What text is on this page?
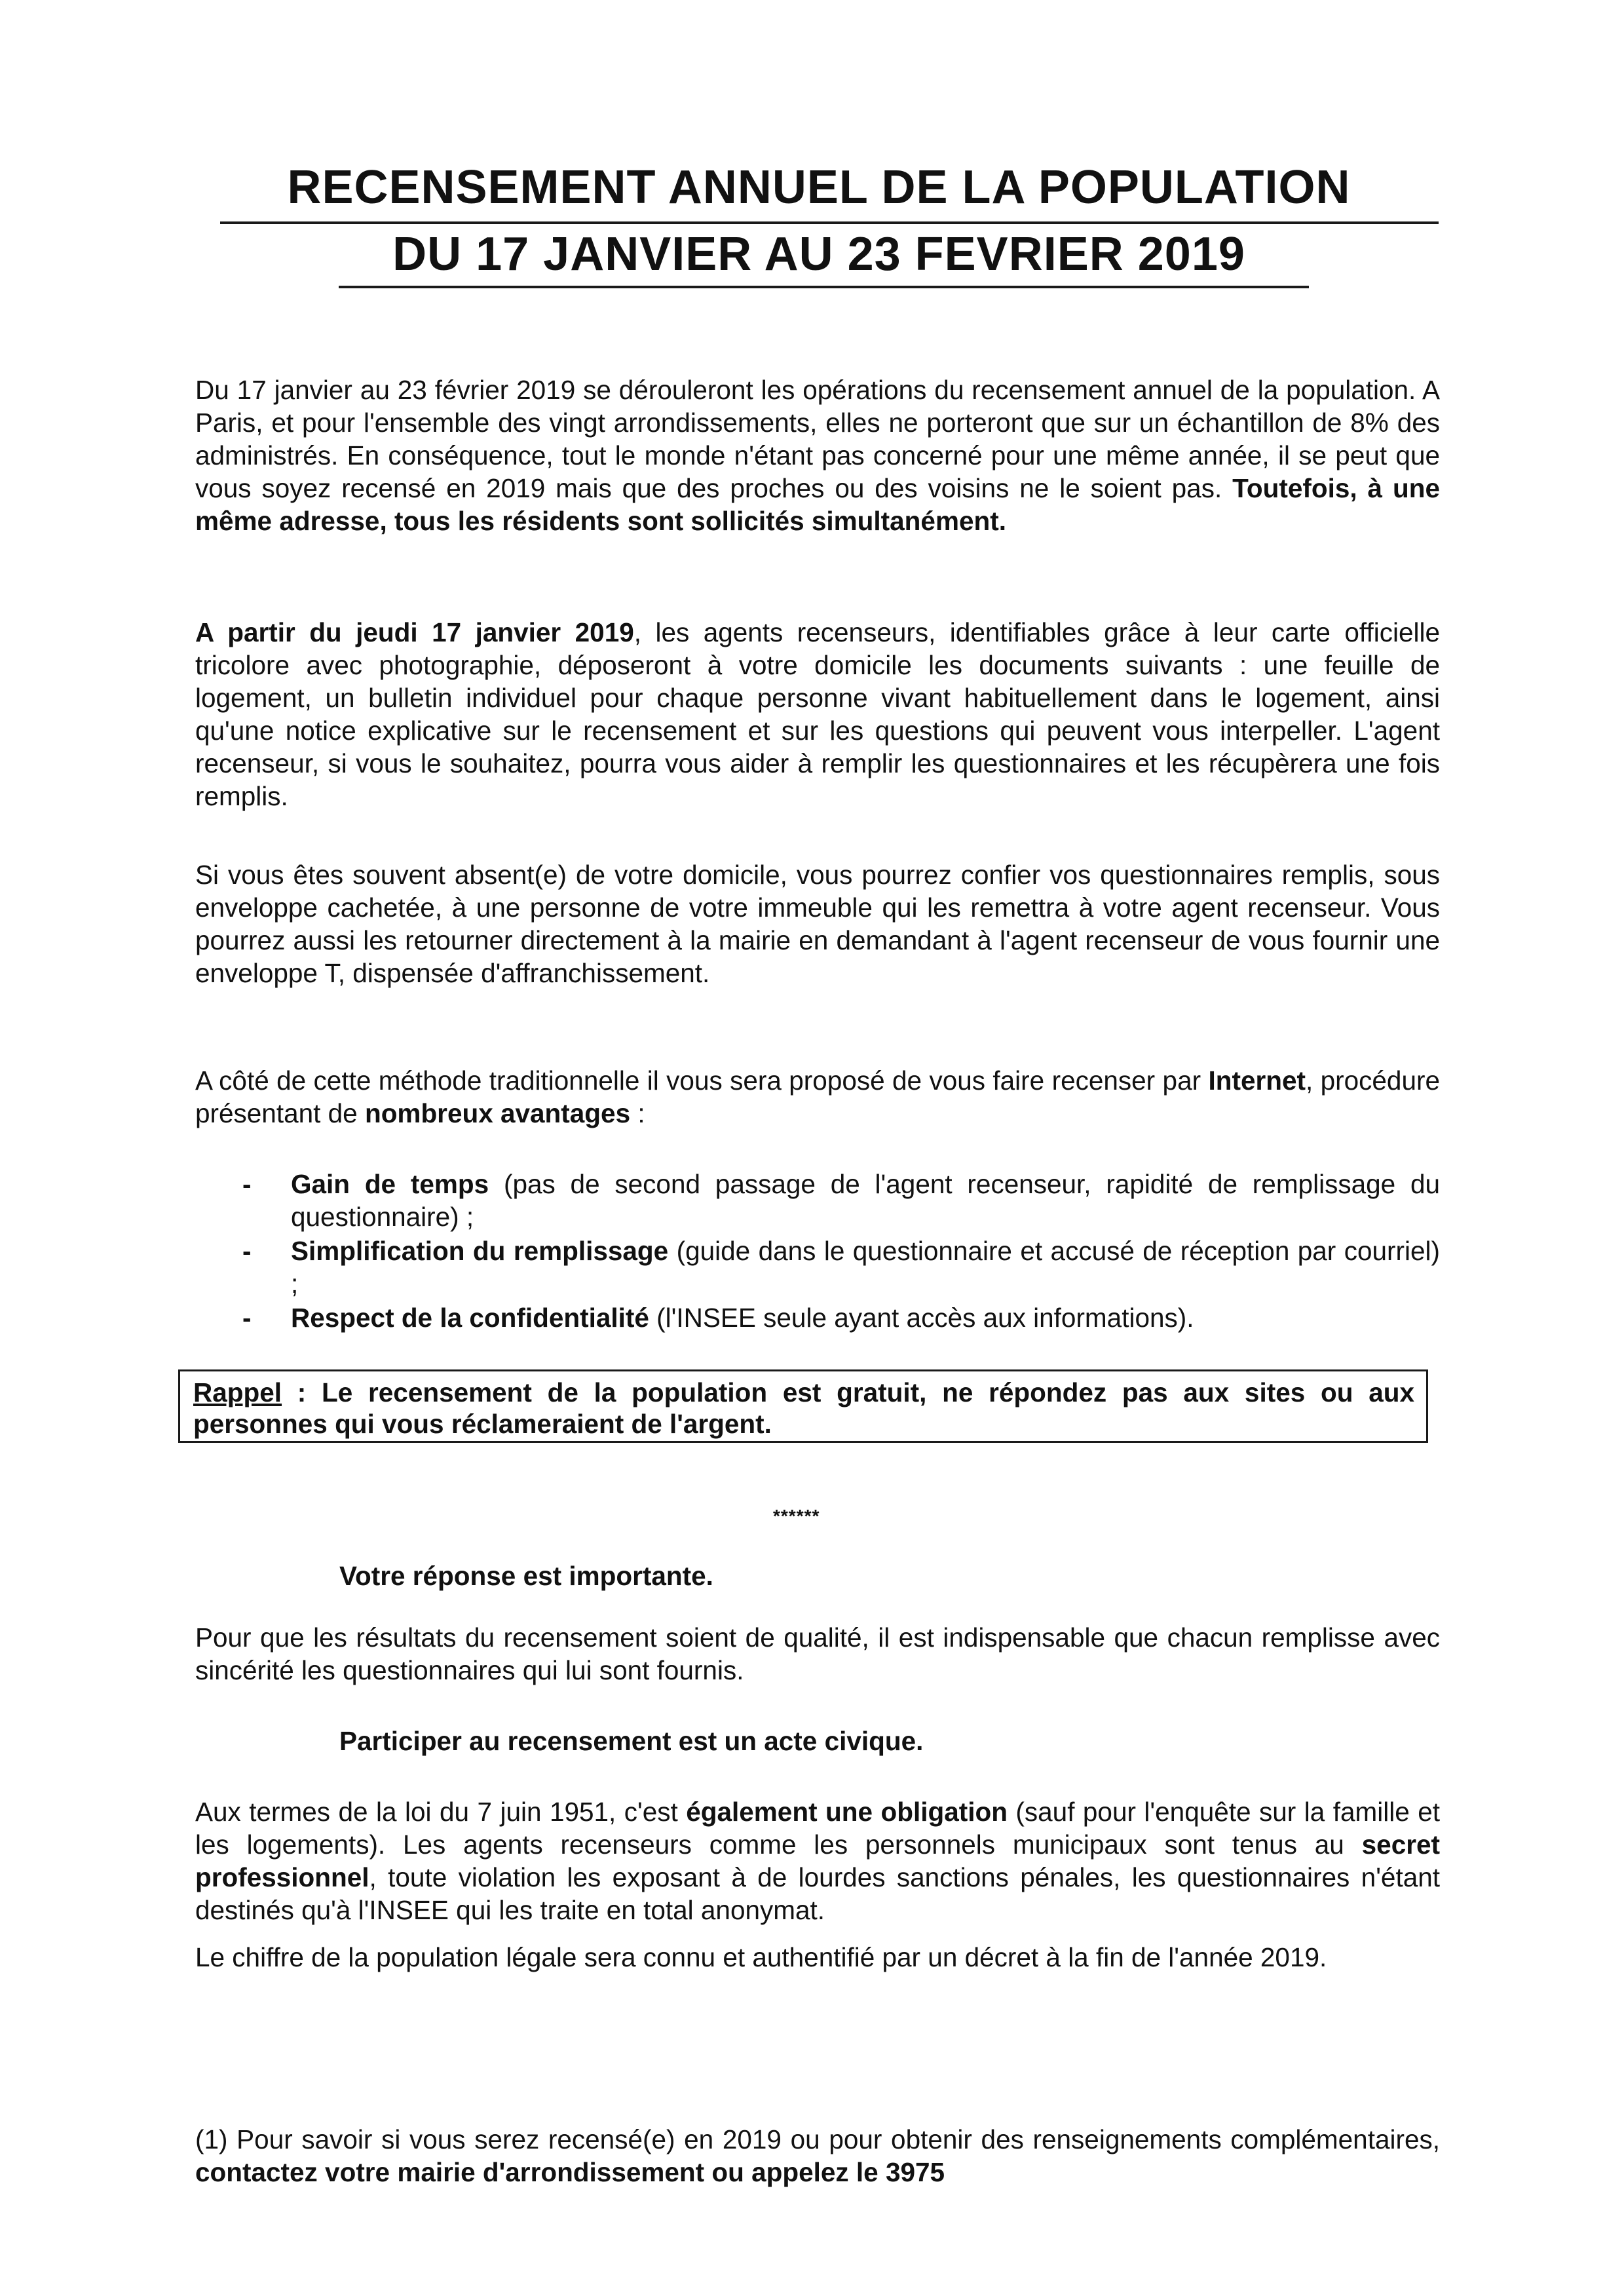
RECENSEMENT ANNUEL DE LA POPULATION
DU 17 JANVIER AU 23 FEVRIER 2019

Du 17 janvier au 23 février 2019 se dérouleront les opérations du recensement annuel de la population. A Paris, et pour l'ensemble des vingt arrondissements, elles ne porteront que sur un échantillon de 8% des administrés. En conséquence, tout le monde n'étant pas concerné pour une même année, il se peut que vous soyez recensé en 2019 mais que des proches ou des voisins ne le soient pas. Toutefois, à une même adresse, tous les résidents sont sollicités simultanément.

A partir du jeudi 17 janvier 2019, les agents recenseurs, identifiables grâce à leur carte officielle tricolore avec photographie, déposeront à votre domicile les documents suivants : une feuille de logement, un bulletin individuel pour chaque personne vivant habituellement dans le logement, ainsi qu'une notice explicative sur le recensement et sur les questions qui peuvent vous interpeller. L'agent recenseur, si vous le souhaitez, pourra vous aider à remplir les questionnaires et les récupèrera une fois remplis.

Si vous êtes souvent absent(e) de votre domicile, vous pourrez confier vos questionnaires remplis, sous enveloppe cachetée, à une personne de votre immeuble qui les remettra à votre agent recenseur. Vous pourrez aussi les retourner directement à la mairie en demandant à l'agent recenseur de vous fournir une enveloppe T, dispensée d'affranchissement.

A côté de cette méthode traditionnelle il vous sera proposé de vous faire recenser par Internet, procédure présentant de nombreux avantages :

- Gain de temps (pas de second passage de l'agent recenseur, rapidité de remplissage du questionnaire) ;
- Simplification du remplissage (guide dans le questionnaire et accusé de réception par courriel) ;
- Respect de la confidentialité (l'INSEE seule ayant accès aux informations).
Rappel : Le recensement de la population est gratuit, ne répondez pas aux sites ou aux personnes qui vous réclameraient de l'argent.
******

Votre réponse est importante.

Pour que les résultats du recensement soient de qualité, il est indispensable que chacun remplisse avec sincérité les questionnaires qui lui sont fournis.

Participer au recensement est un acte civique.

Aux termes de la loi du 7 juin 1951, c'est également une obligation (sauf pour l'enquête sur la famille et les logements). Les agents recenseurs comme les personnels municipaux sont tenus au secret professionnel, toute violation les exposant à de lourdes sanctions pénales, les questionnaires n'étant destinés qu'à l'INSEE qui les traite en total anonymat.

Le chiffre de la population légale sera connu et authentifié par un décret à la fin de l'année 2019.

(1) Pour savoir si vous serez recensé(e) en 2019 ou pour obtenir des renseignements complémentaires, contactez votre mairie d'arrondissement ou appelez le 3975
